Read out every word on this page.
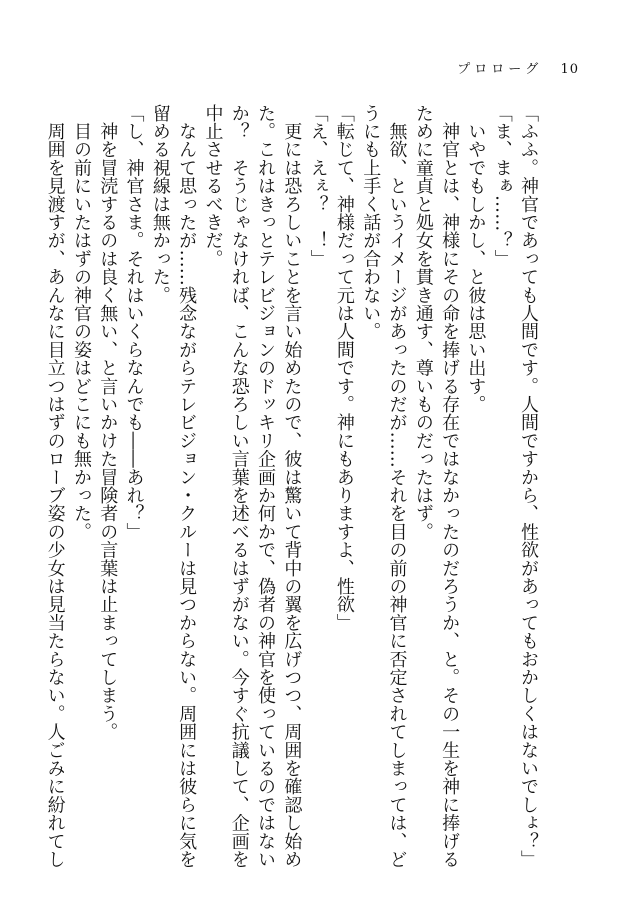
プロローグ 10
「ふふ。神官であっても人間です。人間ですから、性欲があってもおかしくはないでしょ？」
「ま、まぁ……？」
　いやでもしかし、と彼は思い出す。
　神官とは、神様にその命を捧げる存在ではなかったのだろうか、と。その一生を神に捧げる
ために童貞と処女を貫き通す、尊いものだったはず。
　無欲、というイメージがあったのだが……それを目の前の神官に否定されてしまっては、ど
うにも上手く話が合わない。
「転じて、神様だって元は人間です。神にもありますよ、性欲」
「え、えぇ？　！」
　更には恐ろしいことを言い始めたので、彼は驚いて背中の翼を広げつつ、周囲を確認し始め
た。これはきっとテレビジョンのドッキリ企画か何かで、偽者の神官を使っているのではない
か？　そうじゃなければ、こんな恐ろしい言葉を述べるはずがない。今すぐ抗議して、企画を
中止させるべきだ。
　なんて思ったが……残念ながらテレビジョン・クルーは見つからない。周囲には彼らに気を
留める視線は無かった。
「し、神官さま。それはいくらなんでも――あれ？」
　神を冒涜するのは良く無い、と言いかけた冒険者の言葉は止まってしまう。
　目の前にいたはずの神官の姿はどこにも無かった。
　周囲を見渡すが、あんなに目立つはずのローブ姿の少女は見当たらない。人ごみに紛れてし
